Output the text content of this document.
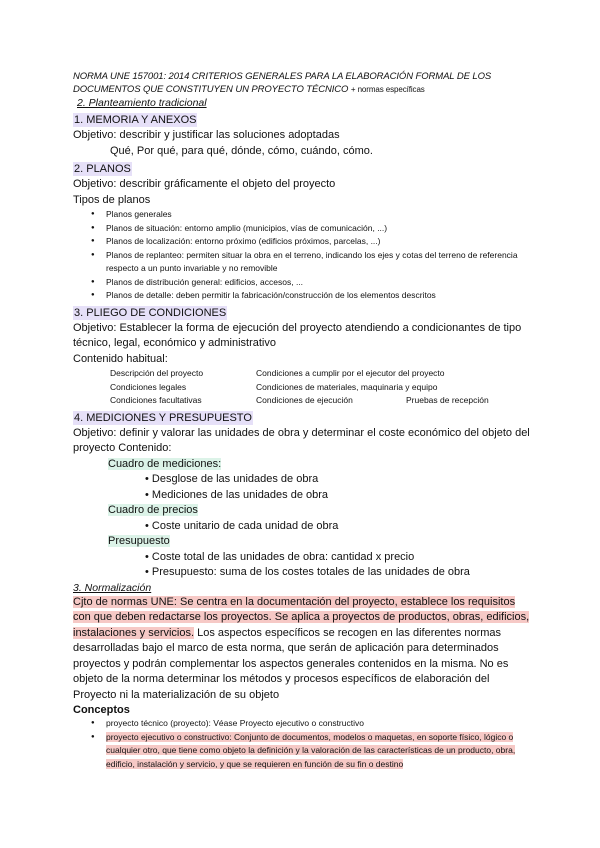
NORMA UNE 157001: 2014 CRITERIOS GENERALES PARA LA ELABORACIÓN FORMAL DE LOS DOCUMENTOS QUE CONSTITUYEN UN PROYECTO TÉCNICO + normas específicas
2. Planteamiento tradicional
1. MEMORIA Y ANEXOS
Objetivo: describir y justificar las soluciones adoptadas
Qué, Por qué, para qué, dónde, cómo, cuándo, cómo.
2. PLANOS
Objetivo: describir gráficamente el objeto del proyecto
Tipos de planos
● Planos generales
● Planos de situación: entorno amplio (municipios, vías de comunicación, ...)
● Planos de localización: entorno próximo (edificios próximos, parcelas, ...)
● Planos de replanteo: permiten situar la obra en el terreno, indicando los ejes y cotas del terreno de referencia respecto a un punto invariable y no removible
● Planos de distribución general: edificios, accesos, ...
● Planos de detalle: deben permitir la fabricación/construcción de los elementos descritos
3. PLIEGO DE CONDICIONES
Objetivo: Establecer la forma de ejecución del proyecto atendiendo a condicionantes de tipo técnico, legal, económico y administrativo
Contenido habitual:
Descripción del proyecto	Condiciones a cumplir por el ejecutor del proyecto
Condiciones legales	Condiciones de materiales, maquinaria y equipo
Condiciones facultativas	Condiciones de ejecución	Pruebas de recepción
4. MEDICIONES Y PRESUPUESTO
Objetivo: definir y valorar las unidades de obra y determinar el coste económico del objeto del proyecto Contenido:
Cuadro de mediciones:
• Desglose de las unidades de obra
• Mediciones de las unidades de obra
Cuadro de precios
• Coste unitario de cada unidad de obra
Presupuesto
• Coste total de las unidades de obra: cantidad x precio
• Presupuesto: suma de los costes totales de las unidades de obra
3. Normalización
Cjto de normas UNE: Se centra en la documentación del proyecto, establece los requisitos con que deben redactarse los proyectos. Se aplica a proyectos de productos, obras, edificios, instalaciones y servicios. Los aspectos específicos se recogen en las diferentes normas desarrolladas bajo el marco de esta norma, que serán de aplicación para determinados proyectos y podrán complementar los aspectos generales contenidos en la misma. No es objeto de la norma determinar los métodos y procesos específicos de elaboración del Proyecto ni la materialización de su objeto
Conceptos
● proyecto técnico (proyecto): Véase Proyecto ejecutivo o constructivo
● proyecto ejecutivo o constructivo: Conjunto de documentos, modelos o maquetas, en soporte físico, lógico o cualquier otro, que tiene como objeto la definición y la valoración de las características de un producto, obra, edificio, instalación y servicio, y que se requieren en función de su fin o destino
